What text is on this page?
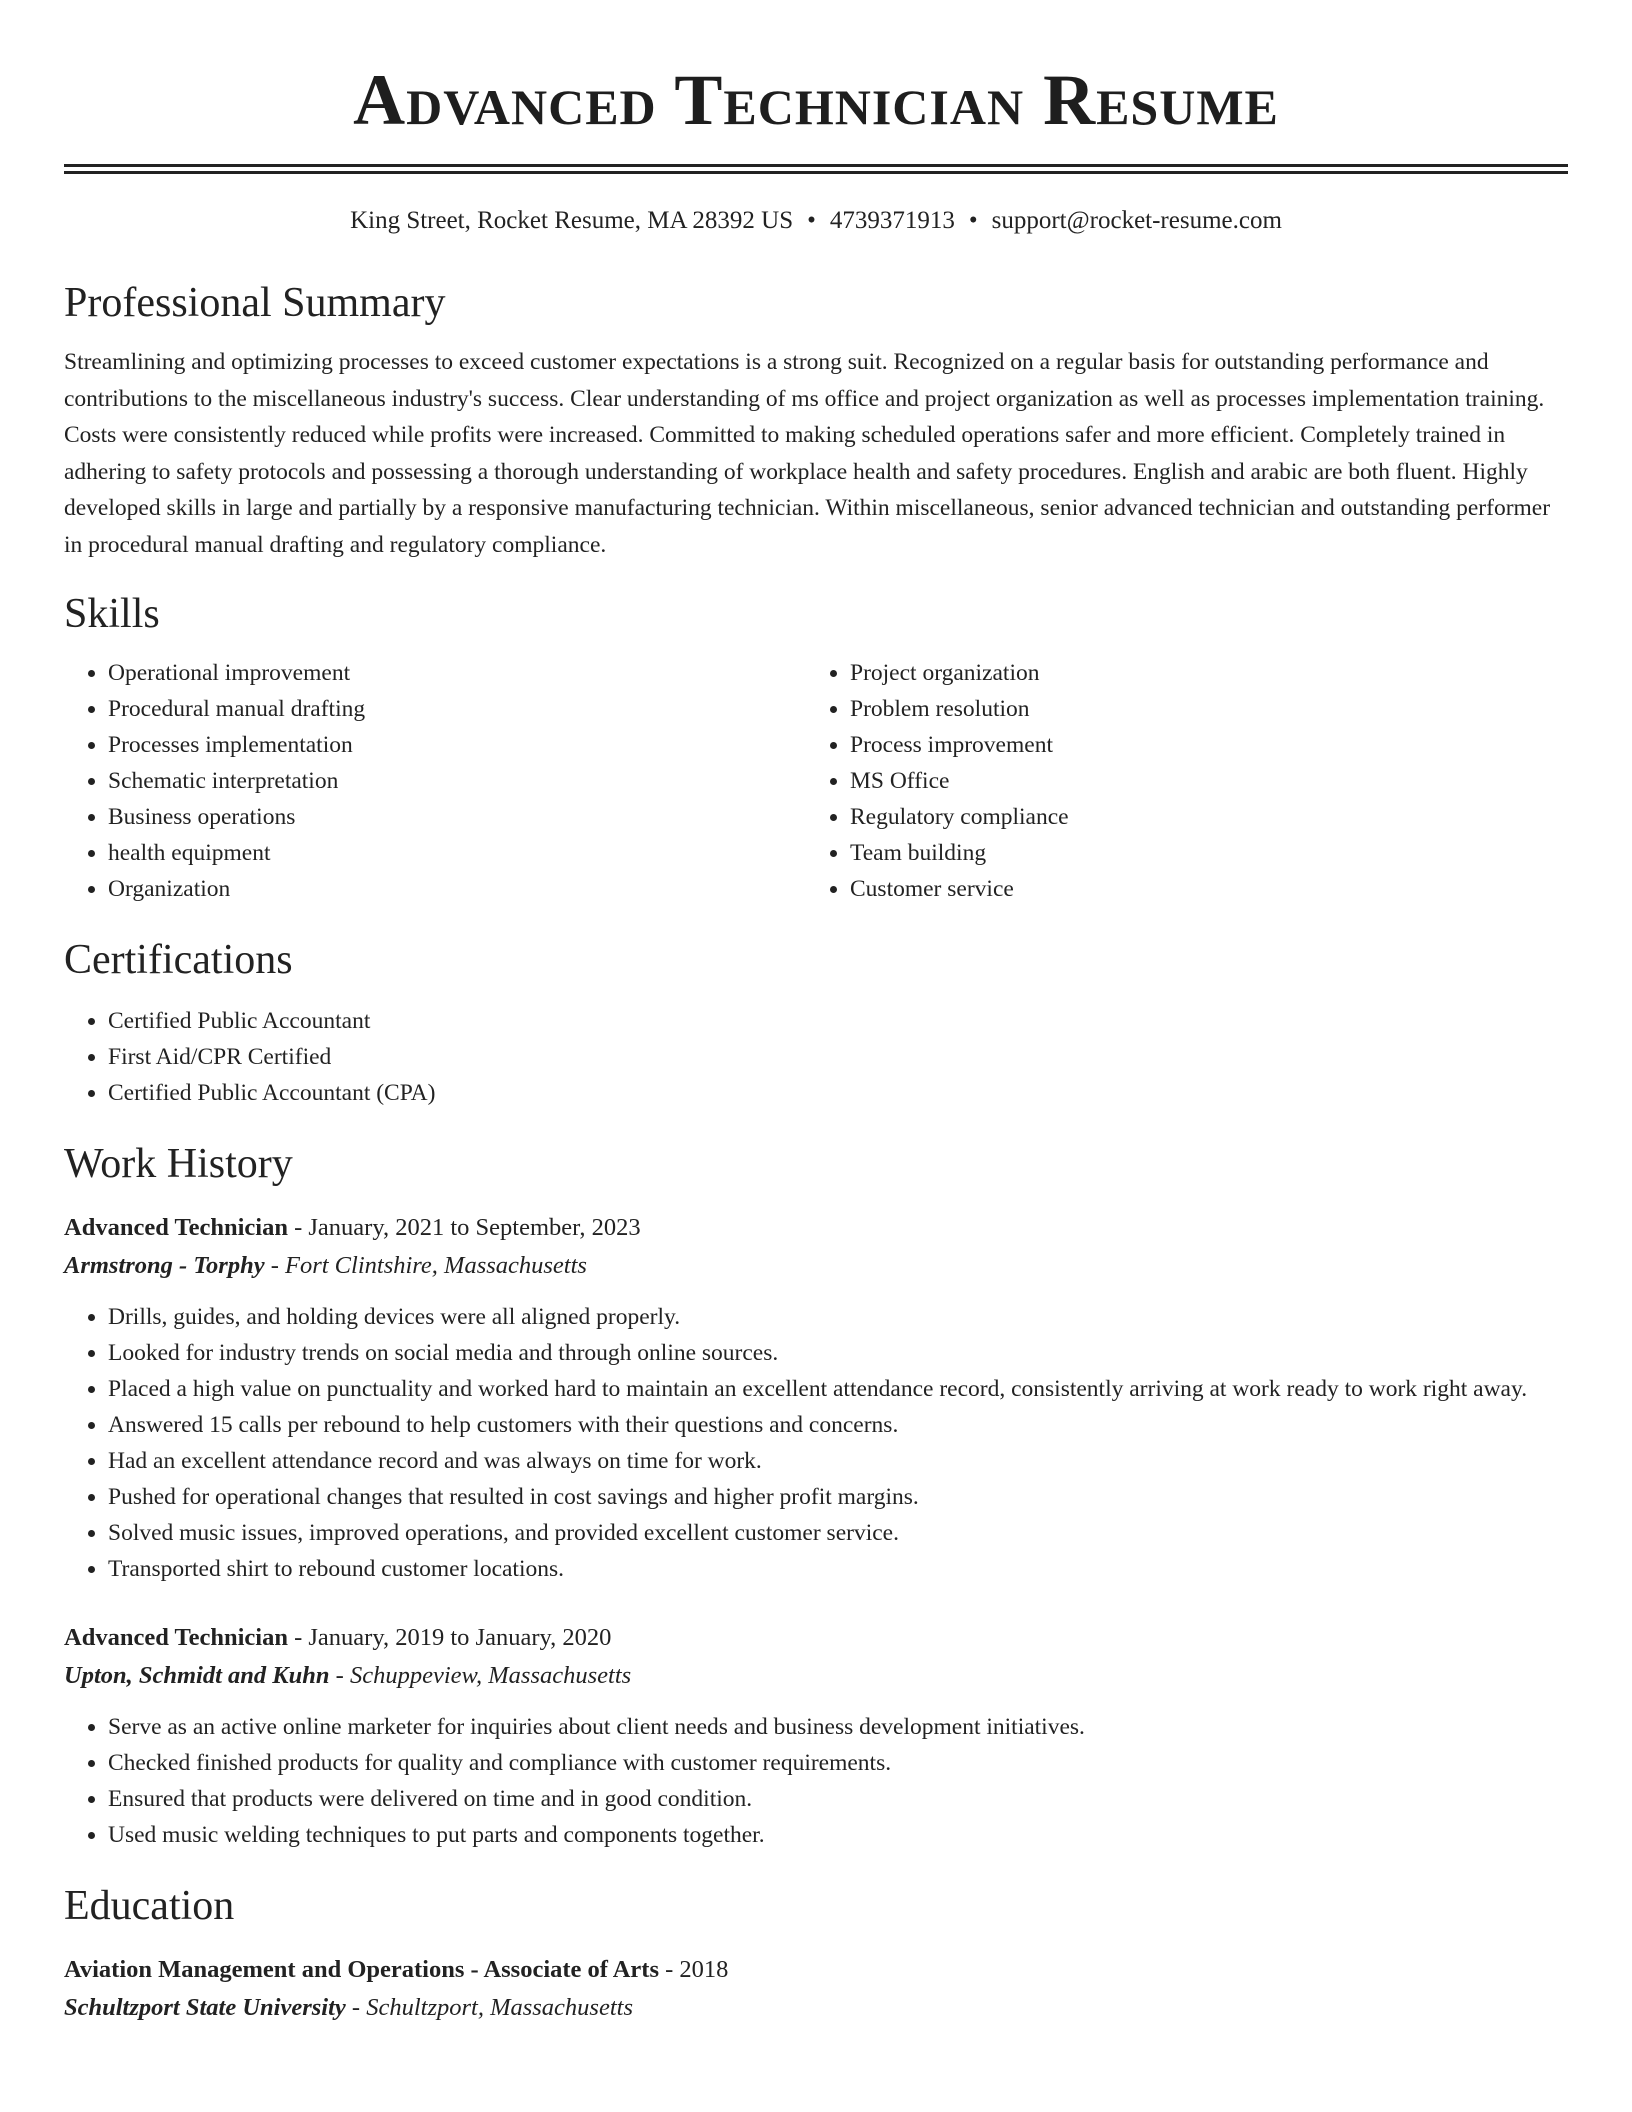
Advanced Technician Resume
King Street, Rocket Resume, MA 28392 US • 4739371913 • support@rocket-resume.com
Professional Summary

Streamlining and optimizing processes to exceed customer expectations is a strong suit. Recognized on a regular basis for outstanding performance and contributions to the miscellaneous industry's success. Clear understanding of ms office and project organization as well as processes implementation training. Costs were consistently reduced while profits were increased. Committed to making scheduled operations safer and more efficient. Completely trained in adhering to safety protocols and possessing a thorough understanding of workplace health and safety procedures. English and arabic are both fluent. Highly developed skills in large and partially by a responsive manufacturing technician. Within miscellaneous, senior advanced technician and outstanding performer in procedural manual drafting and regulatory compliance.

Skills
• Operational improvement
• Procedural manual drafting
• Processes implementation
• Schematic interpretation
• Business operations
• health equipment
• Organization
• Project organization
• Problem resolution
• Process improvement
• MS Office
• Regulatory compliance
• Team building
• Customer service
Certifications
• Certified Public Accountant
• First Aid/CPR Certified
• Certified Public Accountant (CPA)
Work History
Advanced Technician - January, 2021 to September, 2023
Armstrong - Torphy - Fort Clintshire, Massachusetts
• Drills, guides, and holding devices were all aligned properly.
• Looked for industry trends on social media and through online sources.
• Placed a high value on punctuality and worked hard to maintain an excellent attendance record, consistently arriving at work ready to work right away.
• Answered 15 calls per rebound to help customers with their questions and concerns.
• Had an excellent attendance record and was always on time for work.
• Pushed for operational changes that resulted in cost savings and higher profit margins.
• Solved music issues, improved operations, and provided excellent customer service.
• Transported shirt to rebound customer locations.
Advanced Technician - January, 2019 to January, 2020
Upton, Schmidt and Kuhn - Schuppeview, Massachusetts
• Serve as an active online marketer for inquiries about client needs and business development initiatives.
• Checked finished products for quality and compliance with customer requirements.
• Ensured that products were delivered on time and in good condition.
• Used music welding techniques to put parts and components together.
Education
Aviation Management and Operations - Associate of Arts - 2018
Schultzport State University - Schultzport, Massachusetts
